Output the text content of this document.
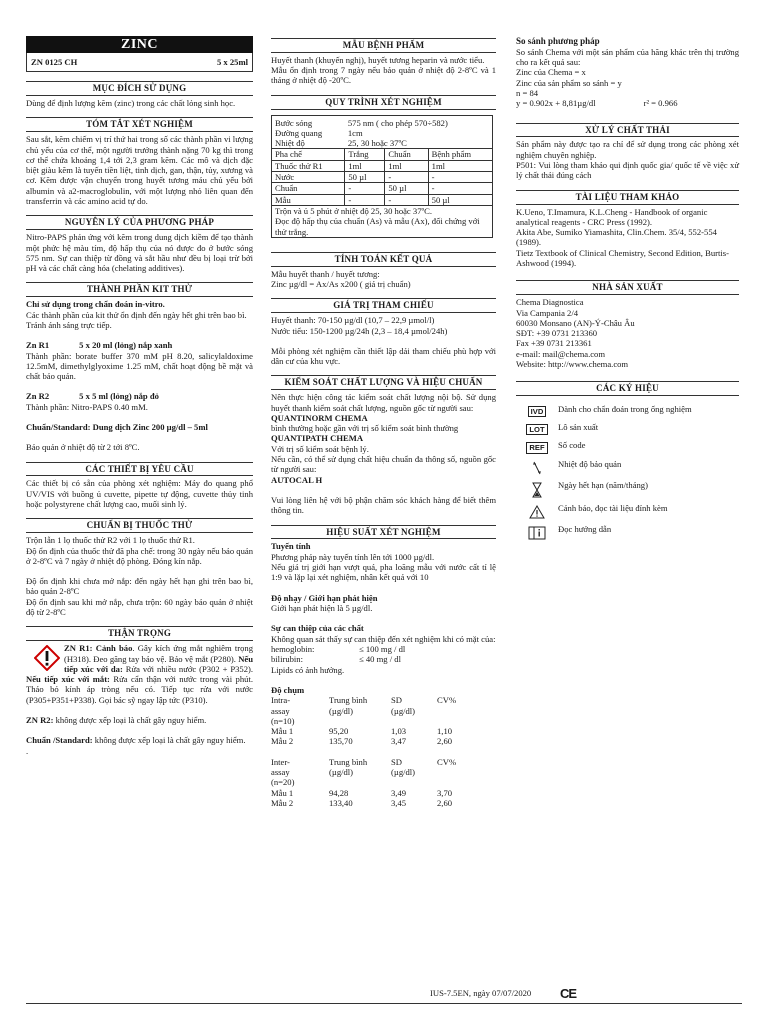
ZINC
ZN 0125 CH	5 x 25ml
MỤC ĐÍCH SỬ DỤNG

Dùng để định lượng kẽm (zinc) trong các chất lỏng sinh học.

TÓM TẮT XÉT NGHIỆM

Sau sắt, kẽm chiếm vị trí thứ hai trong số các thành phần vi lượng chủ yếu của cơ thể, một người trưởng thành nặng 70 kg thì trong cơ thể chứa khoảng 1,4 tới 2,3 gram kẽm. Các mô và dịch đặc biệt giàu kẽm là tuyến tiền liệt, tinh dịch, gan, thận, tủy, xương và cơ. Kẽm được vận chuyển trong huyết tương máu chủ yếu bởi albumin và a2-macroglobulin, với một lượng nhỏ liên quan đến transferrin và các amino acid tự do.

NGUYÊN LÝ CỦA PHƯƠNG PHÁP

Nitro-PAPS phản ứng với kẽm trong dung dịch kiềm để tạo thành một phức hệ màu tím, độ hấp thụ của nó được đo ở bước sóng 575 nm. Sự can thiệp từ đồng và sắt hầu như đều bị loại trừ bởi pH và các chất càng hóa (chelating additives).

THÀNH PHẦN KIT THỬ

Chỉ sử dụng trong chẩn đoán in-vitro.

Các thành phần của kit thử ổn định đến ngày hết ghi trên bao bì.

Tránh ánh sáng trực tiếp.

Zn R1	5 x 20 ml (lỏng) nắp xanh

Thành phần: borate buffer 370 mM pH 8.20, salicylaldoxime 12.5mM, dimethylglyoxime 1.25 mM, chất hoạt động bề mặt và chất bảo quản.

Zn R2	5 x 5 ml (lỏng) nắp đỏ

Thành phần: Nitro-PAPS 0.40 mM.

Chuẩn/Standard: Dung dịch Zinc 200 µg/dl – 5ml

Bảo quản ở nhiệt độ từ 2 tới 8ºC.

CÁC THIẾT BỊ YÊU CẦU

Các thiết bị có sẵn của phòng xét nghiệm: Máy đo quang phổ UV/VIS với buồng ủ cuvette, pipette tự động, cuvette thủy tinh hoặc polystyrene chất lượng cao, muối sinh lý.

CHUẨN BỊ THUỐC THỬ

Trộn lẫn 1 lọ thuốc thử R2 với 1 lọ thuốc thử R1.

Độ ổn định của thuốc thử đã pha chế: trong 30 ngày nếu bảo quản ở 2-8ºC và 7 ngày ở nhiệt độ phòng. Đóng kín nắp.

Độ ổn định khi chưa mở nắp: đến ngày hết hạn ghi trên bao bì, bảo quản 2-8ºC

Độ ổn định sau khi mở nắp, chưa trộn: 60 ngày bảo quản ở nhiệt độ từ 2-8ºC

THẬN TRỌNG
ZN R1: Cảnh báo. Gây kích ứng mắt nghiêm trọng (H318). Đeo găng tay bảo vệ. Bảo vệ mắt (P280). Nếu tiếp xúc với da: Rửa với nhiều nước (P302 + P352). Nếu tiếp xúc với mắt: Rửa cẩn thận với nước trong vài phút. Tháo bỏ kính áp tròng nếu có. Tiếp tục rửa với nước (P305+P351+P338). Gọi bác sỹ ngay lập tức (P310).

ZN R2: không được xếp loại là chất gây nguy hiểm.

Chuẩn /Standard: không được xếp loại là chất gây nguy hiểm.

.

MẪU BỆNH PHẨM

Huyết thanh (khuyến nghị), huyết tương heparin và nước tiểu.

Mẫu ổn định trong 7 ngày nếu bảo quản ở nhiệt độ 2-8ºC và 1 tháng ở nhiệt độ -20ºC.

QUY TRÌNH XÉT NGHIỆM

Bước sóng	575 nm ( cho phép 570÷582)		
Đường quang	1cm		
Nhiệt độ	25, 30 hoặc 37ºC		
Pha chế	Trắng	Chuẩn	Bệnh phẩm
Thuốc thử R1	1ml	1ml	1ml
Nước	50 µl	-	-
Chuẩn	-	50 µl	-
Mẫu	-	-	50 µl
Trộn và ủ 5 phút ở nhiệt độ 25, 30 hoặc 37ºC.			
Đọc độ hấp thụ của chuẩn (As) và mẫu (Ax), đối chứng với thử trắng.			
TÍNH TOÁN KẾT QUẢ

Mẫu huyết thanh / huyết tương:

Zinc µg/dl = Ax/As x200 ( giá trị chuẩn)

GIÁ TRỊ THAM CHIẾU

Huyết thanh: 70-150 µg/dl (10,7 – 22,9 µmol/l)

Nước tiểu: 150-1200 µg/24h (2,3 – 18,4 µmol/24h)

Mỗi phòng xét nghiệm cần thiết lập dải tham chiếu phù hợp với dân cư của khu vực.

KIỂM SOÁT CHẤT LƯỢNG VÀ HIỆU CHUẨN

Nên thực hiện công tác kiểm soát chất lượng nội bộ. Sử dụng huyết thanh kiểm soát chất lượng, nguồn gốc từ người sau:

QUANTINORM CHEMA

bình thường hoặc gần với trị số kiểm soát bình thường

QUANTIPATH CHEMA

Với trị số kiểm soát bệnh lý.

Nếu cần, có thể sử dụng chất hiệu chuẩn đa thông số, nguồn gốc từ người sau:

AUTOCAL H

Vui lòng liên hệ với bộ phận chăm sóc khách hàng để biết thêm thông tin.

HIỆU SUẤT XÉT NGHIỆM

Tuyến tính

Phương pháp này tuyến tính lên tới 1000 µg/dl.

Nếu giá trị giới hạn vượt quá, pha loãng mẫu với nước cất tỉ lệ 1:9 và lặp lại xét nghiệm, nhân kết quả với 10

Độ nhạy / Giới hạn phát hiện

Giới hạn phát hiện là 5 µg/dl.

Sự can thiệp của các chất

Không quan sát thấy sự can thiệp đến xét nghiệm khi có mặt của:

hemoglobin:	≤ 100 mg / dl
bilirubin:	≤ 40 mg / dl

Lipids có ảnh hưởng.

Độ chụm

Intra-	Trung bình	SD	CV%
assay	(µg/dl)	(µg/dl)	
(n=10)			
Mẫu 1	95,20	1,03	1,10
Mẫu 2	135,70	3,47	2,60
Inter-	Trung bình	SD	CV%
assay	(µg/dl)	(µg/dl)	
(n=20)			
Mẫu 1	94,28	3,49	3,70
Mẫu 2	133,40	3,45	2,60

So sánh phương pháp

So sánh Chema với một sản phẩm của hãng khác trên thị trường cho ra kết quả sau:

Zinc của Chema = x

Zinc của sản phẩm so sánh = y

n = 84

y = 0.902x + 8,81µg/dl	r² = 0.966

XỬ LÝ CHẤT THẢI

Sản phẩm này được tạo ra chỉ để sử dụng trong các phòng xét nghiệm chuyên nghiệp.

P501: Vui lòng tham khảo qui định quốc gia/ quốc tế về việc xử lý chất thải đúng cách

TÀI LIỆU THAM KHẢO

K.Ueno, T.Imamura, K.L.Cheng - Handbook of organic analytical reagents - CRC Press (1992).

Akita Abe, Sumiko Yiamashita, Clin.Chem. 35/4, 552-554 (1989).

Tietz Textbook of Clinical Chemistry, Second Edition, Burtis-Ashwood (1994).

NHÀ SẢN XUẤT

Chema Diagnostica

Via Campania 2/4

60030 Monsano (AN)-Ý-Châu Âu

SĐT: +39 0731 213360

Fax +39 0731 213361

e-mail: mail@chema.com

Website: http://www.chema.com

CÁC KÝ HIỆU
IVD	Dành cho chẩn đoán trong ống nghiệm
LOT	Lô sản xuất
REF	Số code
Nhiệt độ bảo quản
Ngày hết hạn (năm/tháng)
Cảnh báo, đọc tài liệu đính kèm
Đọc hướng dẫn
IUS-7.5EN, ngày 07/07/2020 CE
